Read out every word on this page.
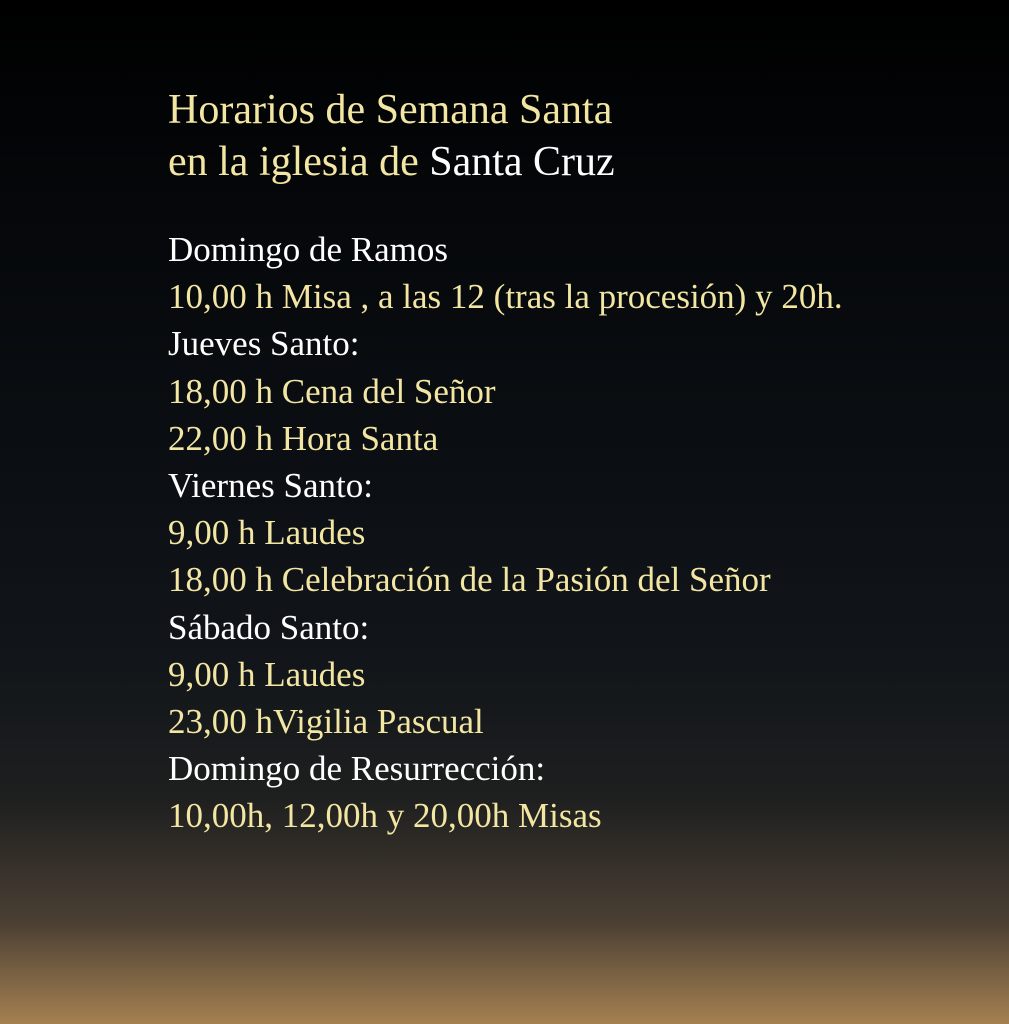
Horarios de Semana Santa
en la iglesia de Santa Cruz
Domingo de Ramos
10,00 h Misa , a las 12 (tras la procesión) y 20h.
Jueves Santo:
18,00 h Cena del Señor
22,00 h Hora Santa
Viernes Santo:
9,00 h Laudes
18,00 h Celebración de la Pasión del Señor
Sábado Santo:
9,00 h Laudes
23,00 hVigilia Pascual
Domingo de Resurrección:
10,00h, 12,00h y 20,00h Misas
